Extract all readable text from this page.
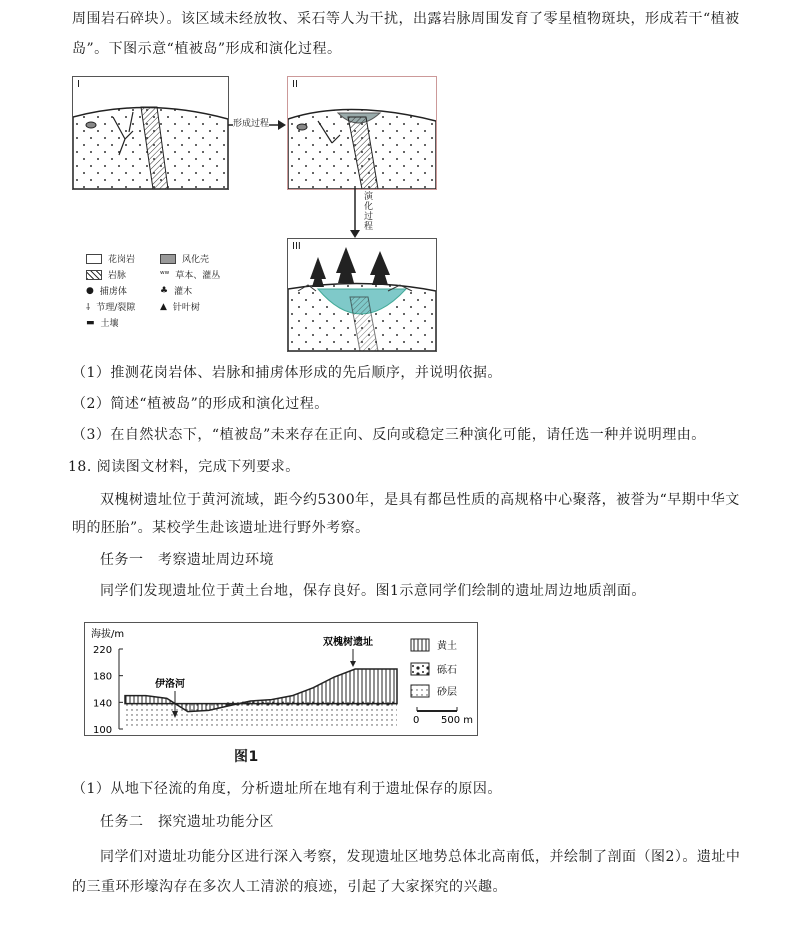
周围岩石碎块）。该区域未经放牧、采石等人为干扰，出露岩脉周围发育了零星植物斑块，形成若干“植被
岛”。下图示意“植被岛”形成和演化过程。
I
形成过程
II
演化过程
III
花岗岩	风化壳
岩脉	ʷʷ 草本、灌丛
● 捕虏体	♣ 灌木
⸸ 节理/裂隙	▲ 针叶树
▬ 土壤
（1）推测花岗岩体、岩脉和捕虏体形成的先后顺序，并说明依据。
（2）简述“植被岛”的形成和演化过程。
（3）在自然状态下，“植被岛”未来存在正向、反向或稳定三种演化可能，请任选一种并说明理由。
18. 阅读图文材料，完成下列要求。
双槐树遗址位于黄河流域，距今约5300年，是具有都邑性质的高规格中心聚落，被誉为“早期中华文
明的胚胎”。某校学生赴该遗址进行野外考察。
任务一　考察遗址周边环境
同学们发现遗址位于黄土台地，保存良好。图1示意同学们绘制的遗址周边地质剖面。
海拔/m
100
140
180
220
伊洛河
双槐树遗址	黄土
砾石
砂层
0 500 m
图1
（1）从地下径流的角度，分析遗址所在地有利于遗址保存的原因。
任务二　探究遗址功能分区
同学们对遗址功能分区进行深入考察，发现遗址区地势总体北高南低，并绘制了剖面（图2）。遗址中
的三重环形壕沟存在多次人工清淤的痕迹，引起了大家探究的兴趣。
